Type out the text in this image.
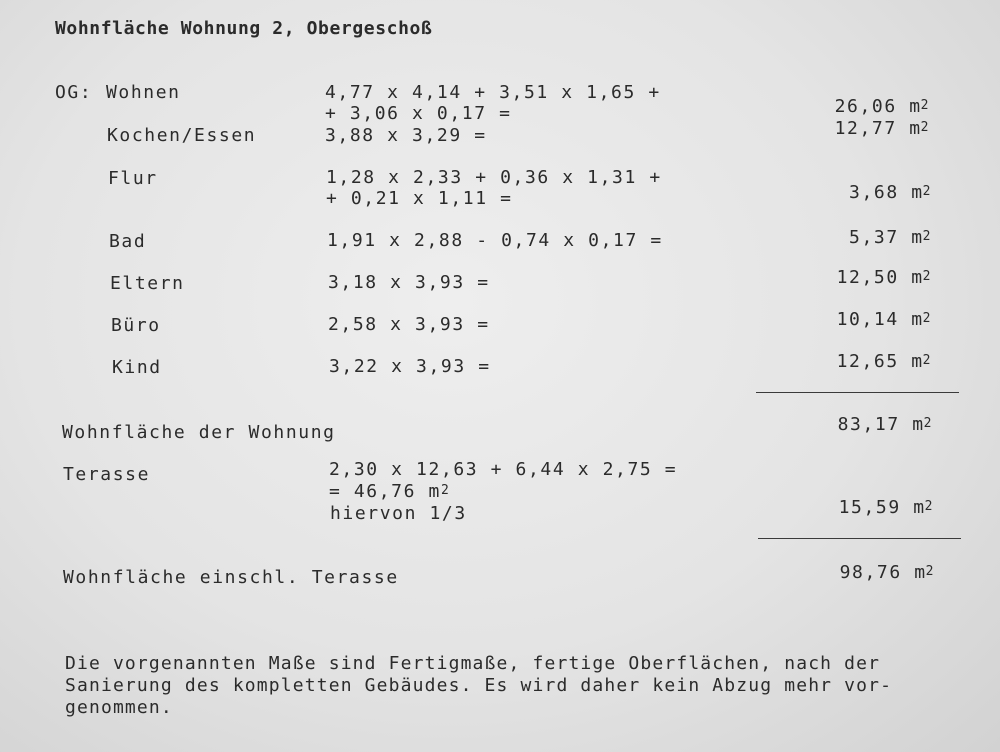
Wohnfläche Wohnung 2, Obergeschoß
OG: Wohnen	4,77 x 4,14 + 3,51 x 1,65 +
+ 3,06 x 0,17 =	26,06 $m^2$
Kochen/Essen	3,88 x 3,29 =	12,77 $m^2$
Flur	1,28 x 2,33 + 0,36 x 1,31 +
+ 0,21 x 1,11 =	3,68 $m^2$
Bad	1,91 x 2,88 - 0,74 x 0,17 =	5,37 $m^2$
Eltern	3,18 x 3,93 =	12,50 $m^2$
Büro	2,58 x 3,93 =	10,14 $m^2$
Kind	3,22 x 3,93 =	12,65 $m^2$
Wohnfläche der Wohnung	83,17 $m^2$
Terasse	2,30 x 12,63 + 6,44 x 2,75 =
= 46,76 $m^2$
hiervon 1/3	15,59 $m^2$
Wohnfläche einschl. Terasse	98,76 $m^2$
Die vorgenannten Maße sind Fertigmaße, fertige Oberflächen, nach der
Sanierung des kompletten Gebäudes. Es wird daher kein Abzug mehr vor-
genommen.
